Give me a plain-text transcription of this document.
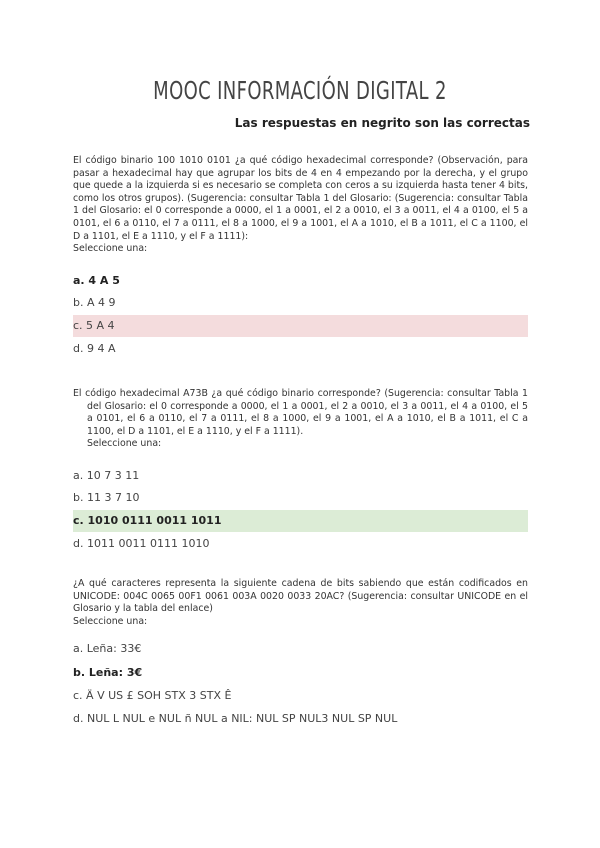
MOOC INFORMACIÓN DIGITAL 2
Las respuestas en negrito son las correctas

El código binario 100 1010 0101 ¿a qué código hexadecimal corresponde? (Observación, para pasar a hexadecimal hay que agrupar los bits de 4 en 4 empezando por la derecha, y el grupo que quede a la izquierda si es necesario se completa con ceros a su izquierda hasta tener 4 bits, como los otros grupos). (Sugerencia: consultar Tabla 1 del Glosario: (Sugerencia: consultar Tabla 1 del Glosario: el 0 corresponde a 0000, el 1 a 0001, el 2 a 0010, el 3 a 0011, el 4 a 0100, el 5 a 0101, el 6 a 0110, el 7 a 0111, el 8 a 1000, el 9 a 1001, el A a 1010, el B a 1011, el C a 1100, el D a 1101, el E a 1110, y el F a 1111):

Seleccione una:

a. 4 A 5
b. A 4 9
c. 5 A 4
d. 9 4 A

El código hexadecimal A73B ¿a qué código binario corresponde? (Sugerencia: consultar Tabla 1 del Glosario: el 0 corresponde a 0000, el 1 a 0001, el 2 a 0010, el 3 a 0011, el 4 a 0100, el 5 a 0101, el 6 a 0110, el 7 a 0111, el 8 a 1000, el 9 a 1001, el A a 1010, el B a 1011, el C a 1100, el D a 1101, el E a 1110, y el F a 1111).

Seleccione una:

a. 10 7 3 11
b. 11 3 7 10
c. 1010 0111 0011 1011
d. 1011 0011 0111 1010

¿A qué caracteres representa la siguiente cadena de bits sabiendo que están codificados en UNICODE: 004C 0065 00F1 0061 003A 0020 0033 20AC? (Sugerencia: consultar UNICODE en el Glosario y la tabla del enlace)

Seleccione una:

a. Leña: 33€
b. Leña: 3€
c. Ä V US £ SOH STX 3 STX Ê
d. NUL L NUL e NUL ñ NUL a NIL: NUL SP NUL3 NUL SP NUL
